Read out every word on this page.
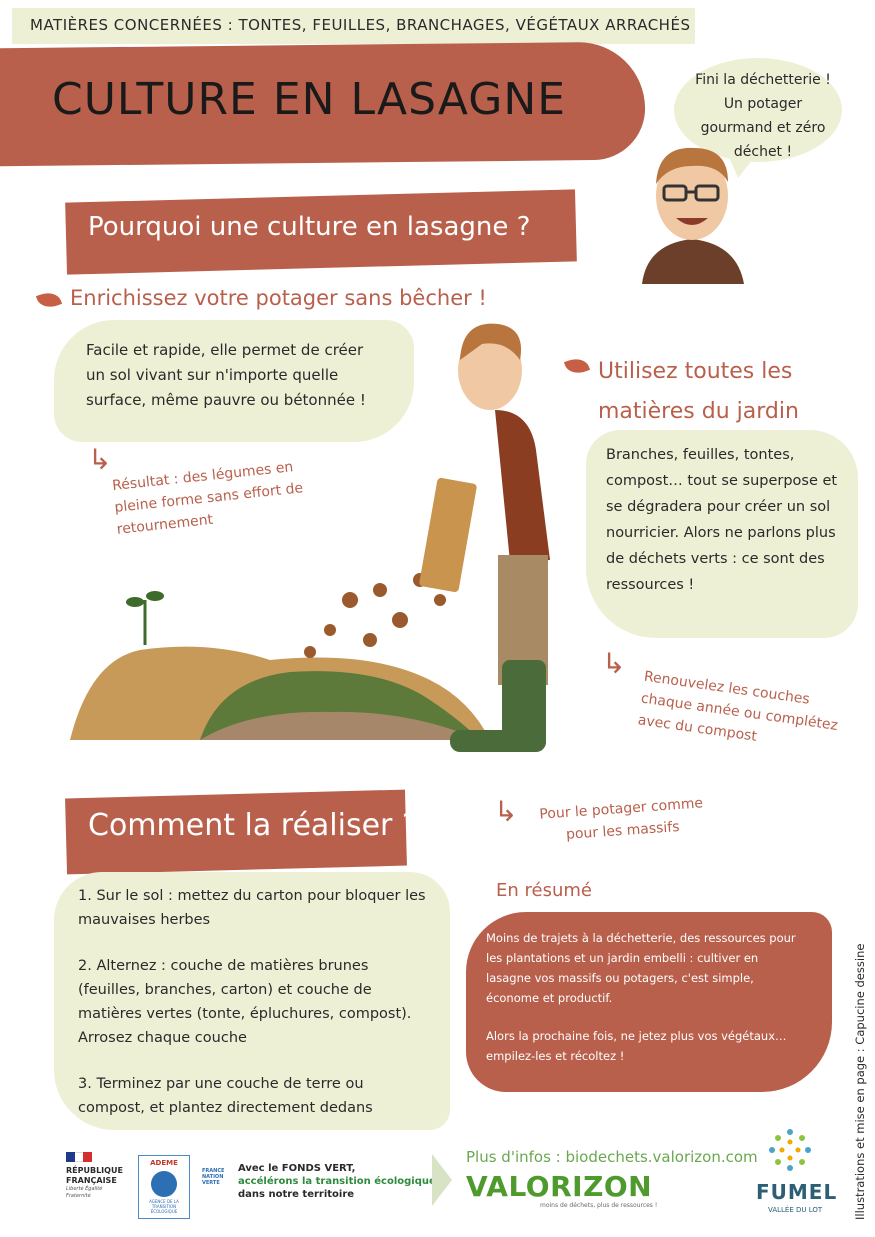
MATIÈRES CONCERNÉES : TONTES, FEUILLES, BRANCHAGES, VÉGÉTAUX ARRACHÉS
CULTURE EN LASAGNE	Fini la déchetterie ! Un potager gourmand et zéro déchet !
Pourquoi une culture en lasagne ?
Enrichissez votre potager sans bêcher !
Facile et rapide, elle permet de créer un sol vivant sur n'importe quelle surface, même pauvre ou bétonnée !
↳ Résultat : des légumes en pleine forme sans effort de retournement
Utilisez toutes les matières du jardin
Branches, feuilles, tontes, compost… tout se superpose et se dégradera pour créer un sol nourricier. Alors ne parlons plus de déchets verts : ce sont des ressources !
↳
Renouvelez les couches chaque année ou complétez avec du compost
↳	Pour le potager comme pour les massifs
Comment la réaliser ?
1. Sur le sol : mettez du carton pour bloquer les mauvaises herbes
2. Alternez : couche de matières brunes (feuilles, branches, carton) et couche de matières vertes (tonte, épluchures, compost). Arrosez chaque couche
3. Terminez par une couche de terre ou compost, et plantez directement dedans
En résumé
Moins de trajets à la déchetterie, des ressources pour les plantations et un jardin embelli : cultiver en lasagne vos massifs ou potagers, c'est simple, économe et productif.
Alors la prochaine fois, ne jetez plus vos végétaux… empilez-les et récoltez !	Illustrations et mise en page : Capucine dessine
RÉPUBLIQUE FRANÇAISE
Liberté Égalité Fraternité
ADEME
AGENCE DE LA TRANSITION ÉCOLOGIQUE
FRANCE
NATION
VERTE
Avec le FONDS VERT,
accélérons la transition écologique
dans notre territoire
Plus d'infos : biodechets.valorizon.com
VALORIZON
moins de déchets, plus de ressources !
FUMEL
VALLÉE DU LOT
